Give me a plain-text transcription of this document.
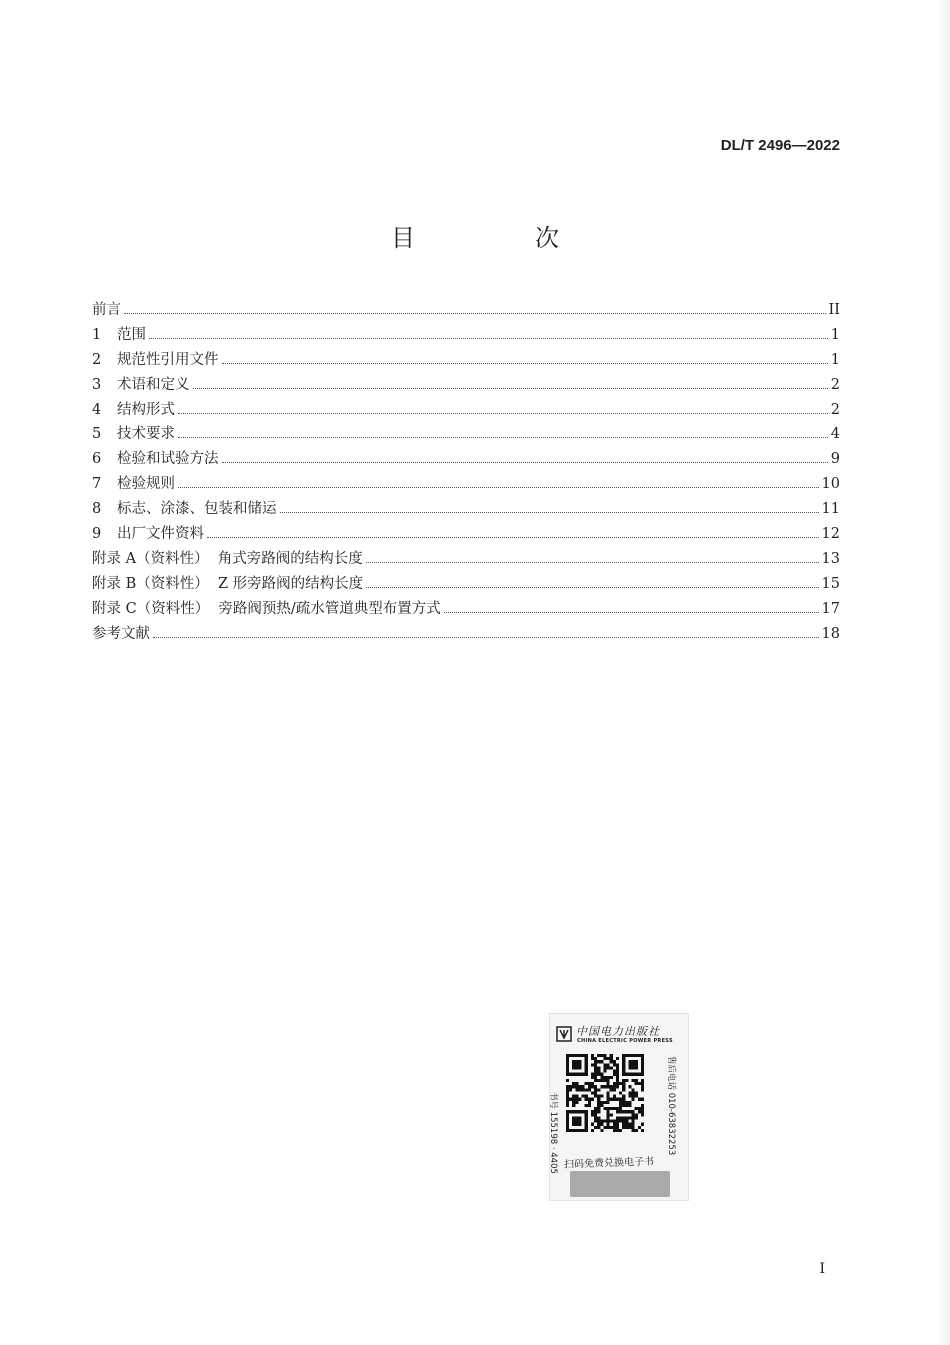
DL/T 2496—2022
目　次
前言	II
1	范围	1
2	规范性引用文件	1
3	术语和定义	2
4	结构形式	2
5	技术要求	4
6	检验和试验方法	9
7	检验规则	10
8	标志、涂漆、包装和储运	11
9	出厂文件资料	12
附录 A（资料性）  角式旁路阀的结构长度	13
附录 B（资料性）  Z 形旁路阀的结构长度	15
附录 C（资料性）  旁路阀预热/疏水管道典型布置方式	17
参考文献	18
中国电力出版社
CHINA ELECTRIC POWER PRESS
书号 155198 · 4405	售后电话 010-63832253
扫码免费兑换电子书
I
